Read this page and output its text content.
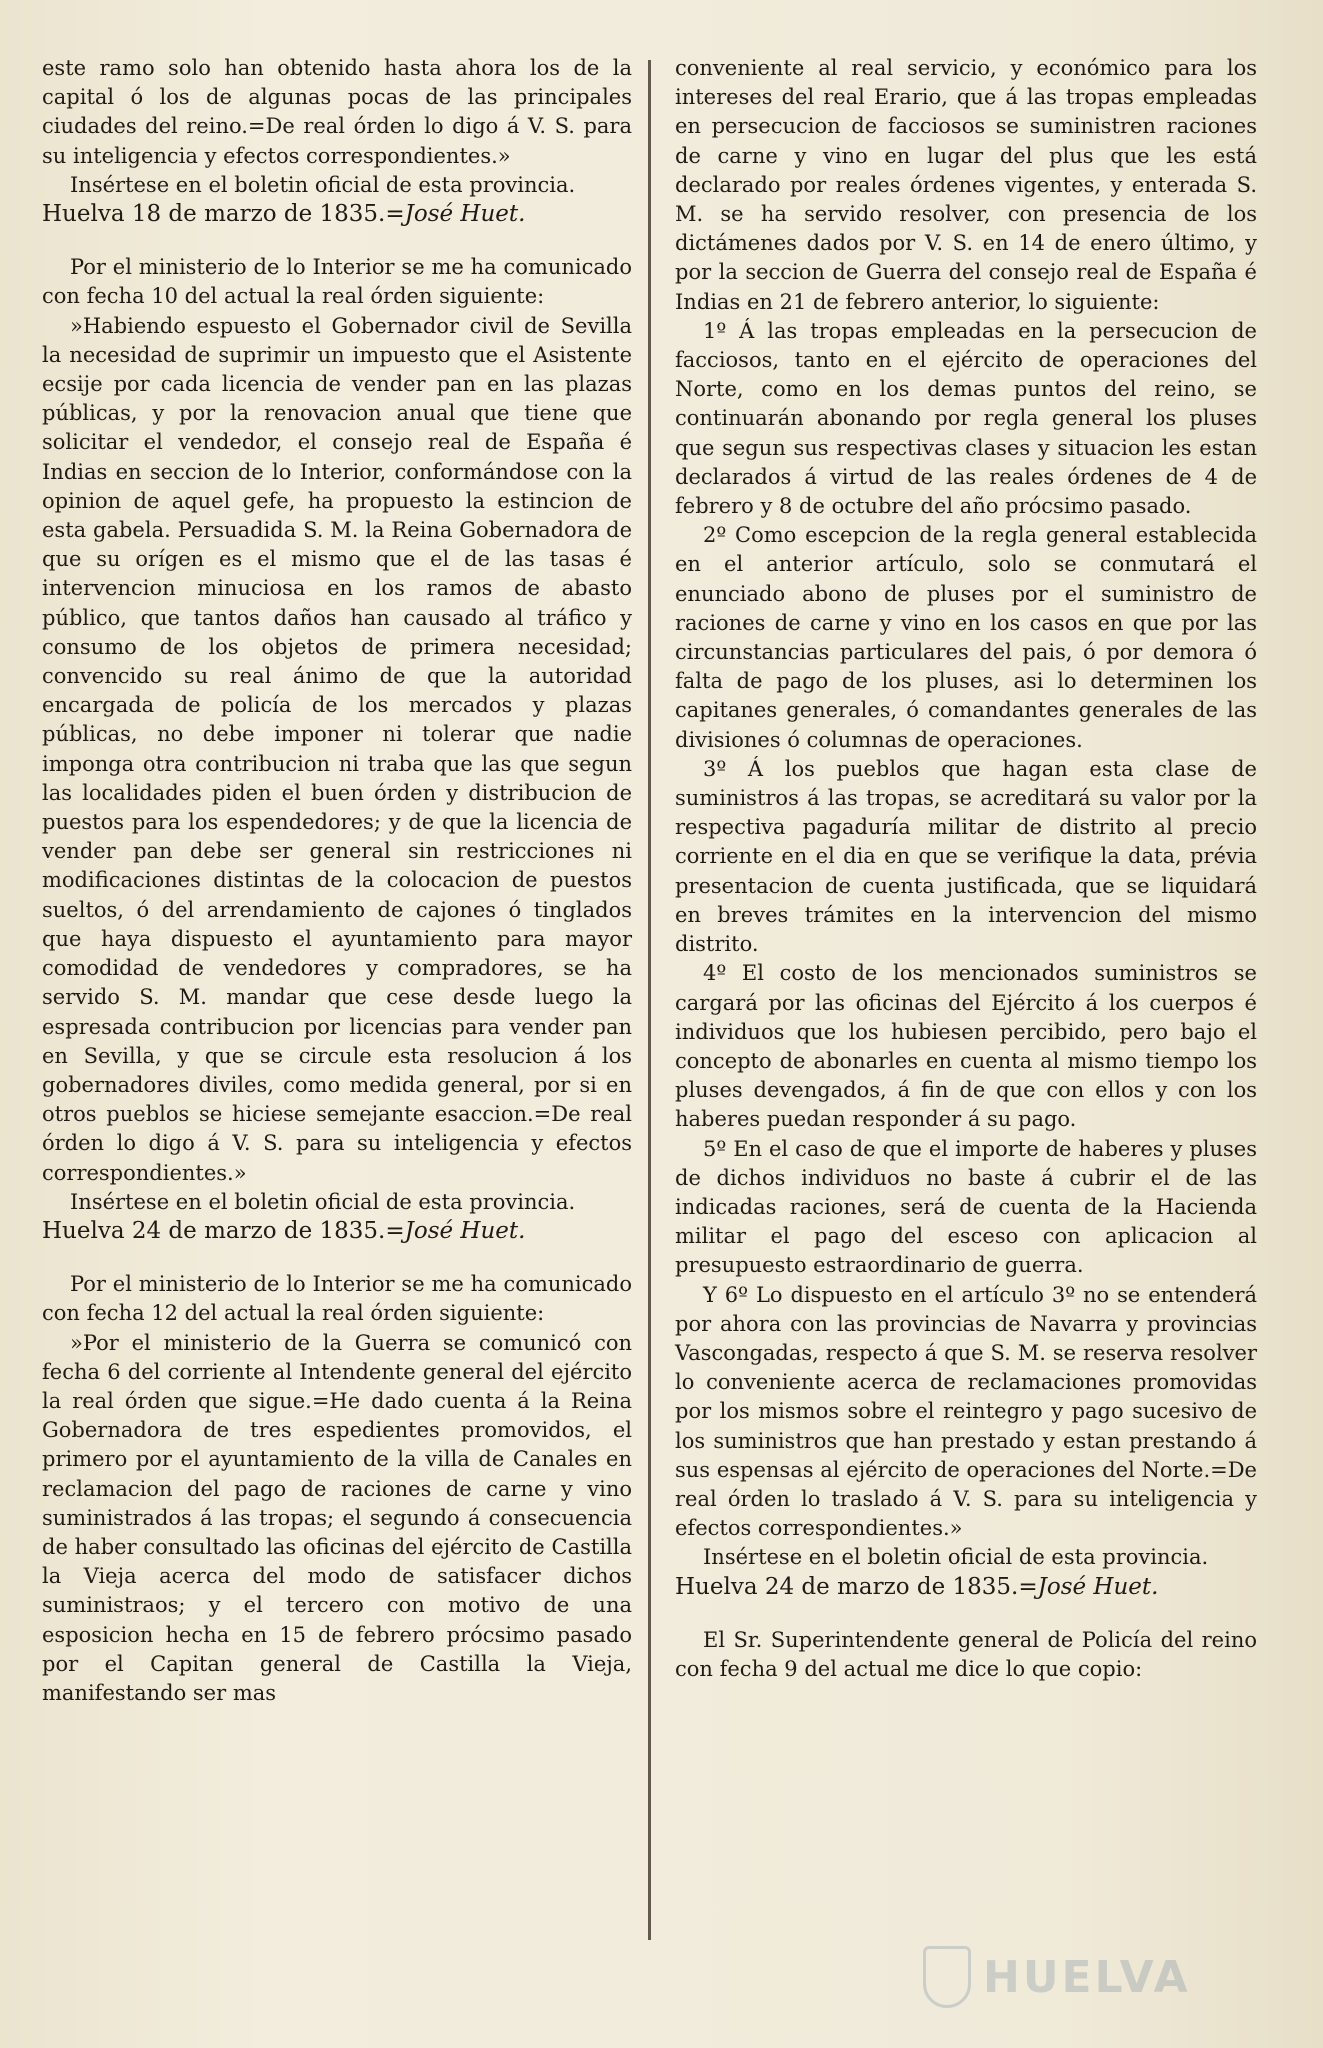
este ramo solo han obtenido hasta ahora los de la capital ó los de algunas pocas de las principales ciudades del reino.=De real órden lo digo á V. S. para su inteligencia y efectos correspondientes.»

Insértese en el boletin oficial de esta provincia.

Huelva 18 de marzo de 1835.=José Huet.

Por el ministerio de lo Interior se me ha comunicado con fecha 10 del actual la real órden siguiente:

»Habiendo espuesto el Gobernador civil de Sevilla la necesidad de suprimir un impuesto que el Asistente ecsije por cada licencia de vender pan en las plazas públicas, y por la renovacion anual que tiene que solicitar el vendedor, el consejo real de España é Indias en seccion de lo Interior, conformándose con la opinion de aquel gefe, ha propuesto la estincion de esta gabela. Persuadida S. M. la Reina Gobernadora de que su orígen es el mismo que el de las tasas é intervencion minuciosa en los ramos de abasto público, que tantos daños han causado al tráfico y consumo de los objetos de primera necesidad; convencido su real ánimo de que la autoridad encargada de policía de los mercados y plazas públicas, no debe imponer ni tolerar que nadie imponga otra contribucion ni traba que las que segun las localidades piden el buen órden y distribucion de puestos para los espendedores; y de que la licencia de vender pan debe ser general sin restricciones ni modificaciones distintas de la colocacion de puestos sueltos, ó del arrendamiento de cajones ó tinglados que haya dispuesto el ayuntamiento para mayor comodidad de vendedores y compradores, se ha servido S. M. mandar que cese desde luego la espresada contribucion por licencias para vender pan en Sevilla, y que se circule esta resolucion á los gobernadores diviles, como medida general, por si en otros pueblos se hiciese semejante esaccion.=De real órden lo digo á V. S. para su inteligencia y efectos correspondientes.»

Insértese en el boletin oficial de esta provincia.

Huelva 24 de marzo de 1835.=José Huet.

Por el ministerio de lo Interior se me ha comunicado con fecha 12 del actual la real órden siguiente:

»Por el ministerio de la Guerra se comunicó con fecha 6 del corriente al Intendente general del ejército la real órden que sigue.=He dado cuenta á la Reina Gobernadora de tres espedientes promovidos, el primero por el ayuntamiento de la villa de Canales en reclamacion del pago de raciones de carne y vino suministrados á las tropas; el segundo á consecuencia de haber consultado las oficinas del ejército de Castilla la Vieja acerca del modo de satisfacer dichos suministraos; y el tercero con motivo de una esposicion hecha en 15 de febrero prócsimo pasado por el Capitan general de Castilla la Vieja, manifestando ser mas

conveniente al real servicio, y económico para los intereses del real Erario, que á las tropas empleadas en persecucion de facciosos se suministren raciones de carne y vino en lugar del plus que les está declarado por reales órdenes vigentes, y enterada S. M. se ha servido resolver, con presencia de los dictámenes dados por V. S. en 14 de enero último, y por la seccion de Guerra del consejo real de España é Indias en 21 de febrero anterior, lo siguiente:

1º Á las tropas empleadas en la persecucion de facciosos, tanto en el ejército de operaciones del Norte, como en los demas puntos del reino, se continuarán abonando por regla general los pluses que segun sus respectivas clases y situacion les estan declarados á virtud de las reales órdenes de 4 de febrero y 8 de octubre del año prócsimo pasado.

2º Como escepcion de la regla general establecida en el anterior artículo, solo se conmutará el enunciado abono de pluses por el suministro de raciones de carne y vino en los casos en que por las circunstancias particulares del pais, ó por demora ó falta de pago de los pluses, asi lo determinen los capitanes generales, ó comandantes generales de las divisiones ó columnas de operaciones.

3º Á los pueblos que hagan esta clase de suministros á las tropas, se acreditará su valor por la respectiva pagaduría militar de distrito al precio corriente en el dia en que se verifique la data, prévia presentacion de cuenta justificada, que se liquidará en breves trámites en la intervencion del mismo distrito.

4º El costo de los mencionados suministros se cargará por las oficinas del Ejército á los cuerpos é individuos que los hubiesen percibido, pero bajo el concepto de abonarles en cuenta al mismo tiempo los pluses devengados, á fin de que con ellos y con los haberes puedan responder á su pago.

5º En el caso de que el importe de haberes y pluses de dichos individuos no baste á cubrir el de las indicadas raciones, será de cuenta de la Hacienda militar el pago del esceso con aplicacion al presupuesto estraordinario de guerra.

Y 6º Lo dispuesto en el artículo 3º no se entenderá por ahora con las provincias de Navarra y provincias Vascongadas, respecto á que S. M. se reserva resolver lo conveniente acerca de reclamaciones promovidas por los mismos sobre el reintegro y pago sucesivo de los suministros que han prestado y estan prestando á sus espensas al ejército de operaciones del Norte.=De real órden lo traslado á V. S. para su inteligencia y efectos correspondientes.»

Insértese en el boletin oficial de esta provincia.

Huelva 24 de marzo de 1835.=José Huet.

El Sr. Superintendente general de Policía del reino con fecha 9 del actual me dice lo que copio:

HUELVA
